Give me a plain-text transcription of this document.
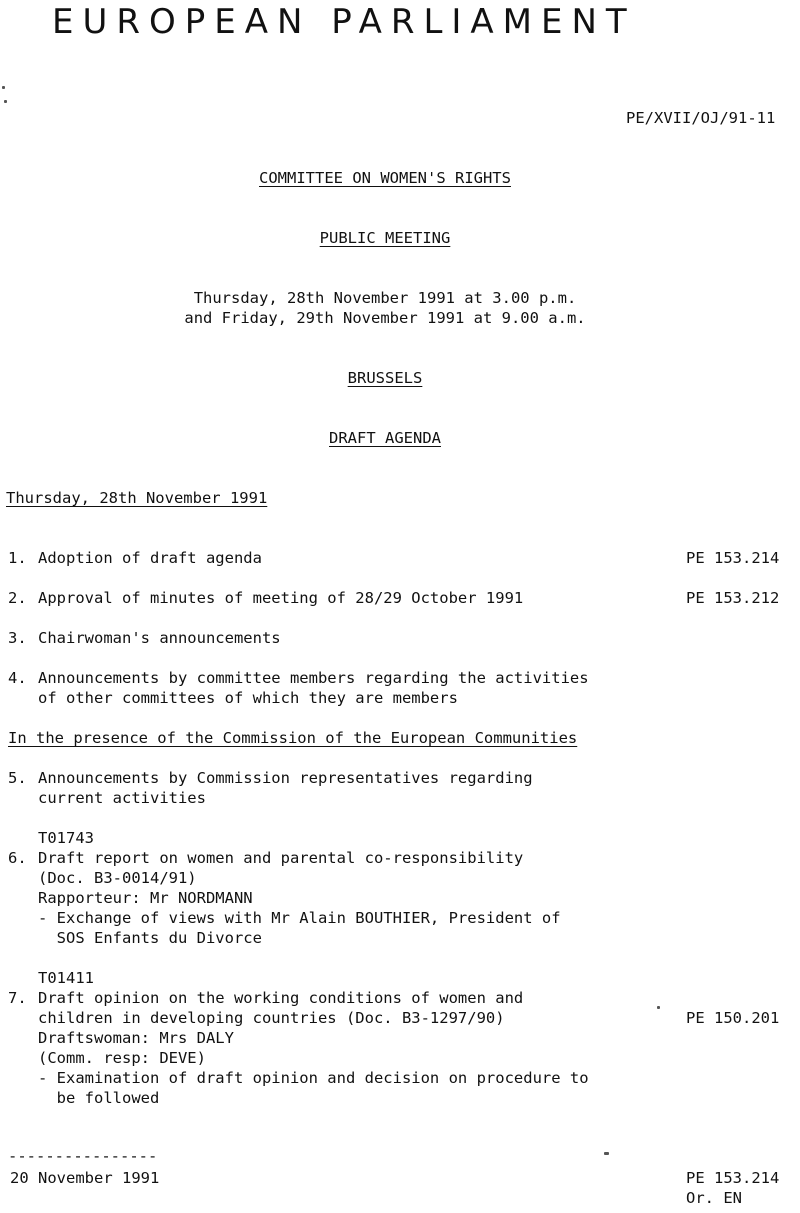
EUROPEAN PARLIAMENT
PE/XVII/OJ/91-11
COMMITTEE ON WOMEN'S RIGHTS
PUBLIC MEETING
Thursday, 28th November 1991 at 3.00 p.m.
and Friday, 29th November 1991 at 9.00 a.m.
BRUSSELS
DRAFT AGENDA
Thursday, 28th November 1991
1. Adoption of draft agenda	PE 153.214
2. Approval of minutes of meeting of 28/29 October 1991	PE 153.212
3. Chairwoman's announcements
4. Announcements by committee members regarding the activities
of other committees of which they are members
In the presence of the Commission of the European Communities
5. Announcements by Commission representatives regarding
current activities
T01743
6. Draft report on women and parental co-responsibility
(Doc. B3-0014/91)
Rapporteur: Mr NORDMANN
- Exchange of views with Mr Alain BOUTHIER, President of
SOS Enfants du Divorce
T01411
7. Draft opinion on the working conditions of women and
children in developing countries (Doc. B3-1297/90)	PE 150.201
Draftswoman: Mrs DALY
(Comm. resp: DEVE)
- Examination of draft opinion and decision on procedure to
be followed
----------------
20 November 1991	PE 153.214
Or. EN
